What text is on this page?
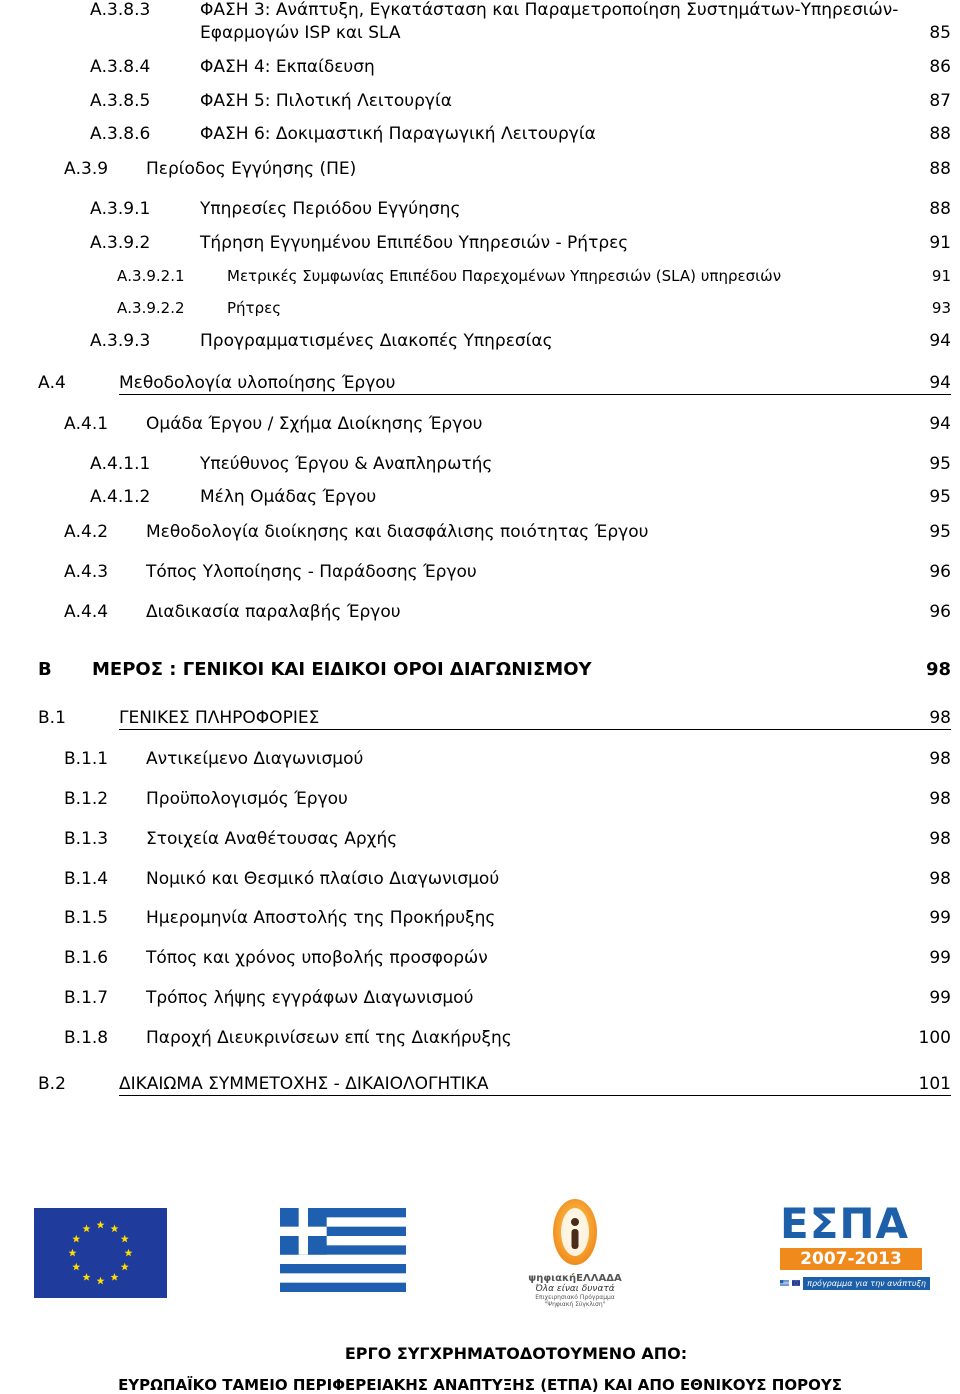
Α.3.8.3	ΦΑΣΗ 3: Ανάπτυξη, Εγκατάσταση και Παραμετροποίηση Συστημάτων-Υπηρεσιών-
Εφαρμογών ISP και SLA	85
Α.3.8.4	ΦΑΣΗ 4: Εκπαίδευση	86
Α.3.8.5	ΦΑΣΗ 5: Πιλοτική Λειτουργία	87
Α.3.8.6	ΦΑΣΗ 6: Δοκιμαστική Παραγωγική Λειτουργία	88
Α.3.9 Περίοδος Εγγύησης (ΠΕ)	88
Α.3.9.1	Υπηρεσίες Περιόδου Εγγύησης	88
Α.3.9.2	Τήρηση Εγγυημένου Επιπέδου Υπηρεσιών - Ρήτρες	91
Α.3.9.2.1	Μετρικές Συμφωνίας Επιπέδου Παρεχομένων Υπηρεσιών (SLA) υπηρεσιών	91
Α.3.9.2.2	Ρήτρες	93
Α.3.9.3	Προγραμματισμένες Διακοπές Υπηρεσίας	94
Α.4	Μεθοδολογία υλοποίησης Έργου	94
Α.4.1 Ομάδα Έργου / Σχήμα Διοίκησης Έργου	94
Α.4.1.1	Υπεύθυνος Έργου & Αναπληρωτής	95
Α.4.1.2	Μέλη Ομάδας Έργου	95
Α.4.2 Μεθοδολογία διοίκησης και διασφάλισης ποιότητας Έργου	95
Α.4.3 Τόπος Υλοποίησης - Παράδοσης Έργου	96
Α.4.4 Διαδικασία παραλαβής Έργου	96
Β ΜΕΡΟΣ : ΓΕΝΙΚΟΙ ΚΑΙ ΕΙΔΙΚΟΙ ΟΡΟΙ ΔΙΑΓΩΝΙΣΜΟΥ	98
Β.1	ΓΕΝΙΚΕΣ ΠΛΗΡΟΦΟΡΙΕΣ	98
Β.1.1 Αντικείμενο Διαγωνισμού	98
Β.1.2 Προϋπολογισμός Έργου	98
Β.1.3 Στοιχεία Αναθέτουσας Αρχής	98
Β.1.4 Νομικό και Θεσμικό πλαίσιο Διαγωνισμού	98
Β.1.5 Ημερομηνία Αποστολής της Προκήρυξης	99
Β.1.6 Τόπος και χρόνος υποβολής προσφορών	99
Β.1.7 Τρόπος λήψης εγγράφων Διαγωνισμού	99
Β.1.8 Παροχή Διευκρινίσεων επί της Διακήρυξης	100
Β.2	ΔΙΚΑΙΩΜΑ ΣΥΜΜΕΤΟΧΗΣ - ΔΙΚΑΙΟΛΟΓΗΤΙΚΑ	101
ψηφιακήΕΛΛΑΔΑ
Όλα είναι δυνατά
Επιχειρησιακό Πρόγραμμα "Ψηφιακή Σύγκλιση"
ΕΣΠΑ
2007-2013
πρόγραμμα για την ανάπτυξη
ΕΡΓΟ ΣΥΓΧΡΗΜΑΤΟΔΟΤΟΥΜΕΝΟ ΑΠΟ:
ΕΥΡΩΠΑΪΚΟ ΤΑΜΕΙΟ ΠΕΡΙΦΕΡΕΙΑΚΗΣ ΑΝΑΠΤΥΞΗΣ (ΕΤΠΑ) ΚΑΙ ΑΠΟ ΕΘΝΙΚΟΥΣ ΠΟΡΟΥΣ
